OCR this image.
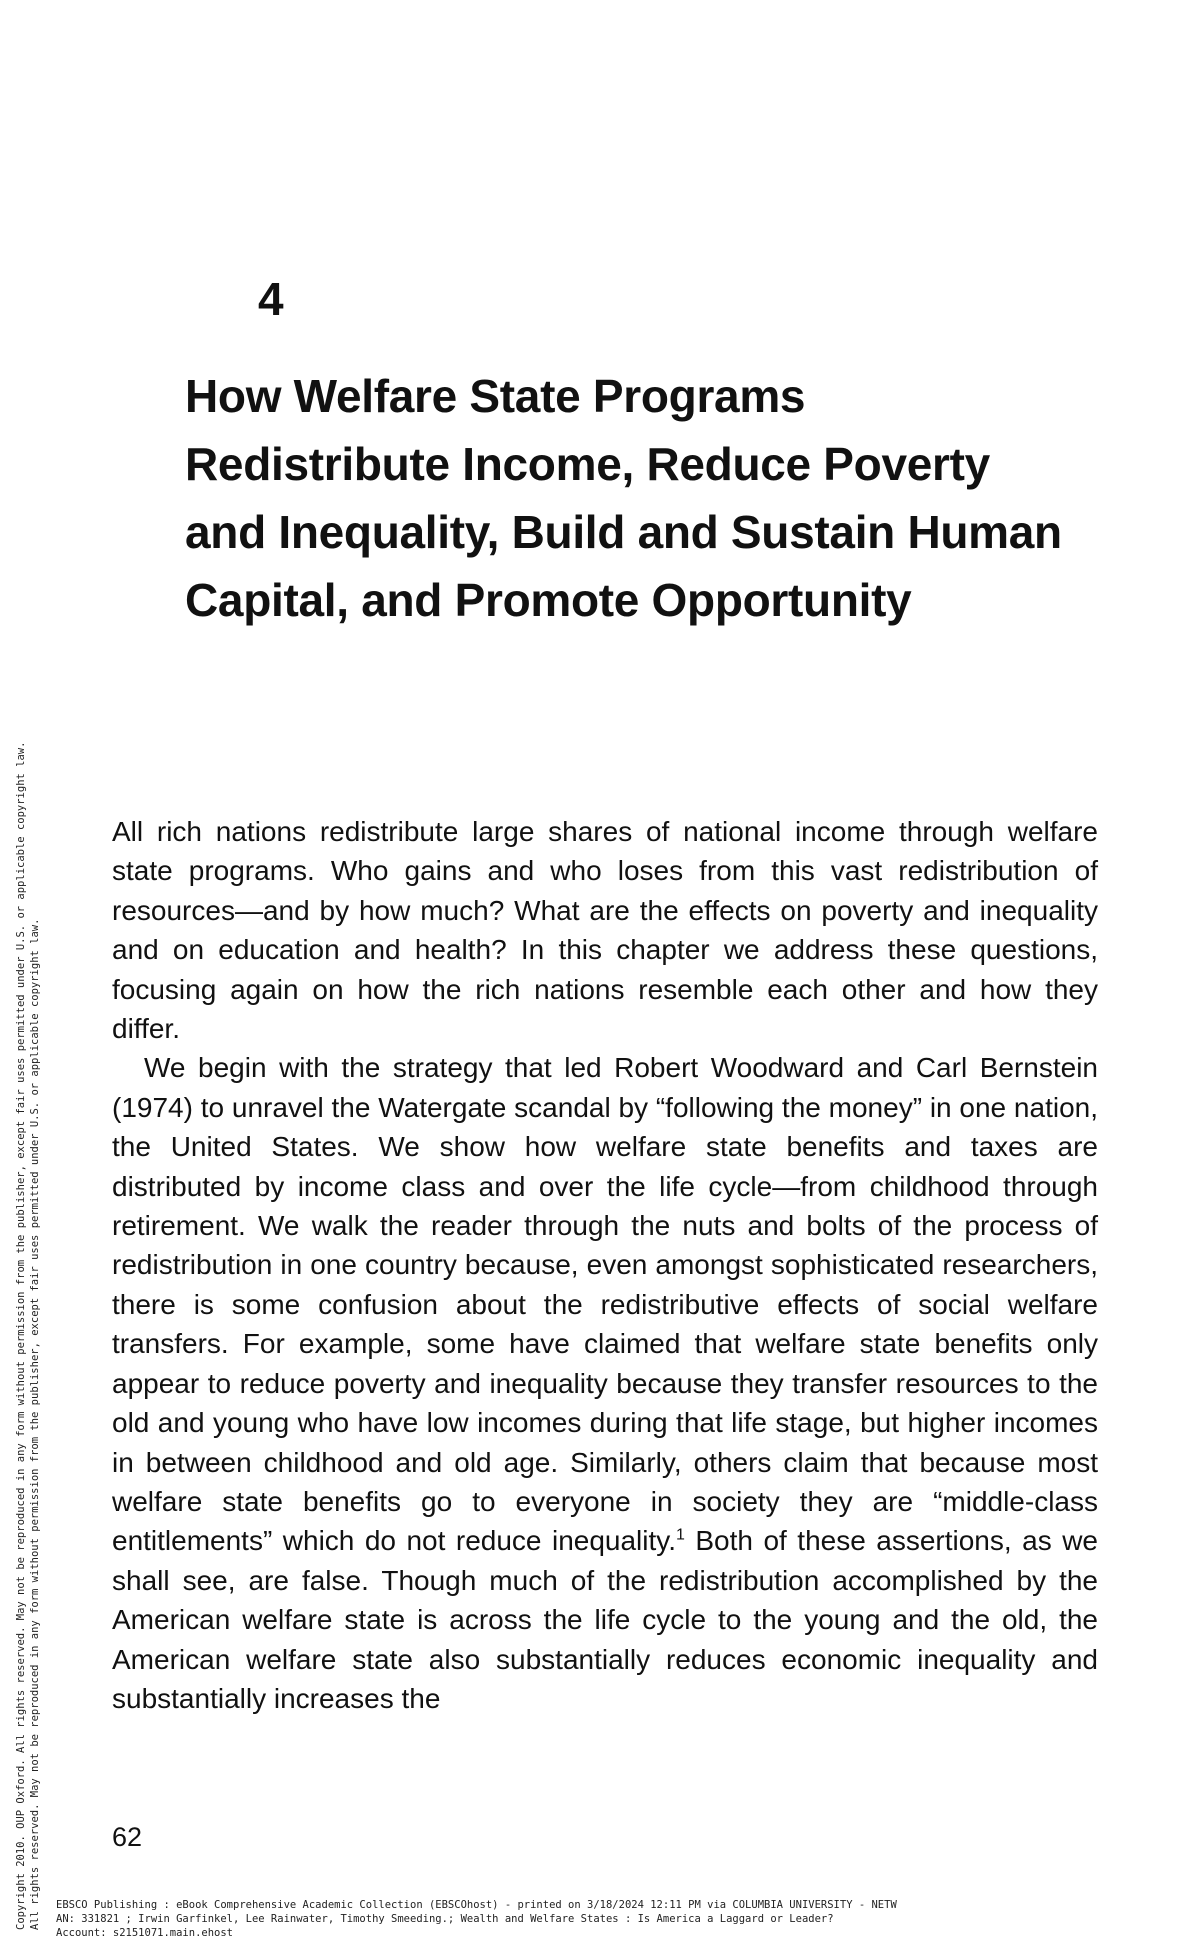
4
How Welfare State Programs
Redistribute Income, Reduce Poverty
and Inequality, Build and Sustain Human
Capital, and Promote Opportunity

All rich nations redistribute large shares of national income through welfare state programs. Who gains and who loses from this vast redistribution of resources—and by how much? What are the effects on poverty and inequality and on education and health? In this chapter we address these questions, focusing again on how the rich nations resemble each other and how they differ.

We begin with the strategy that led Robert Woodward and Carl Bernstein (1974) to unravel the Watergate scandal by “following the money” in one nation, the United States. We show how welfare state benefits and taxes are distributed by income class and over the life cycle—from childhood through retirement. We walk the reader through the nuts and bolts of the process of redistribution in one country because, even amongst sophisticated researchers, there is some confusion about the redistributive effects of social welfare transfers. For example, some have claimed that welfare state benefits only appear to reduce poverty and inequality because they transfer resources to the old and young who have low incomes during that life stage, but higher incomes in between childhood and old age. Similarly, others claim that because most welfare state benefits go to everyone in society they are “middle-class entitlements” which do not reduce inequality.$^1$ Both of these assertions, as we shall see, are false. Though much of the redistribution accomplished by the American welfare state is across the life cycle to the young and the old, the American welfare state also substantially reduces economic inequality and substantially increases the

62
Copyright 2010. OUP Oxford. All rights reserved. May not be reproduced in any form without permission from the publisher, except fair uses permitted under U.S. or applicable copyright law. All rights reserved. May not be reproduced in any form without permission from the publisher, except fair uses permitted under U.S. or applicable copyright law. EBSCO Publishing : eBook Comprehensive Academic Collection (EBSCOhost) - printed on 3/18/2024 12:11 PM via COLUMBIA UNIVERSITY - NETW
AN: 331821 ; Irwin Garfinkel, Lee Rainwater, Timothy Smeeding.; Wealth and Welfare States : Is America a Laggard or Leader?
Account: s2151071.main.ehost
